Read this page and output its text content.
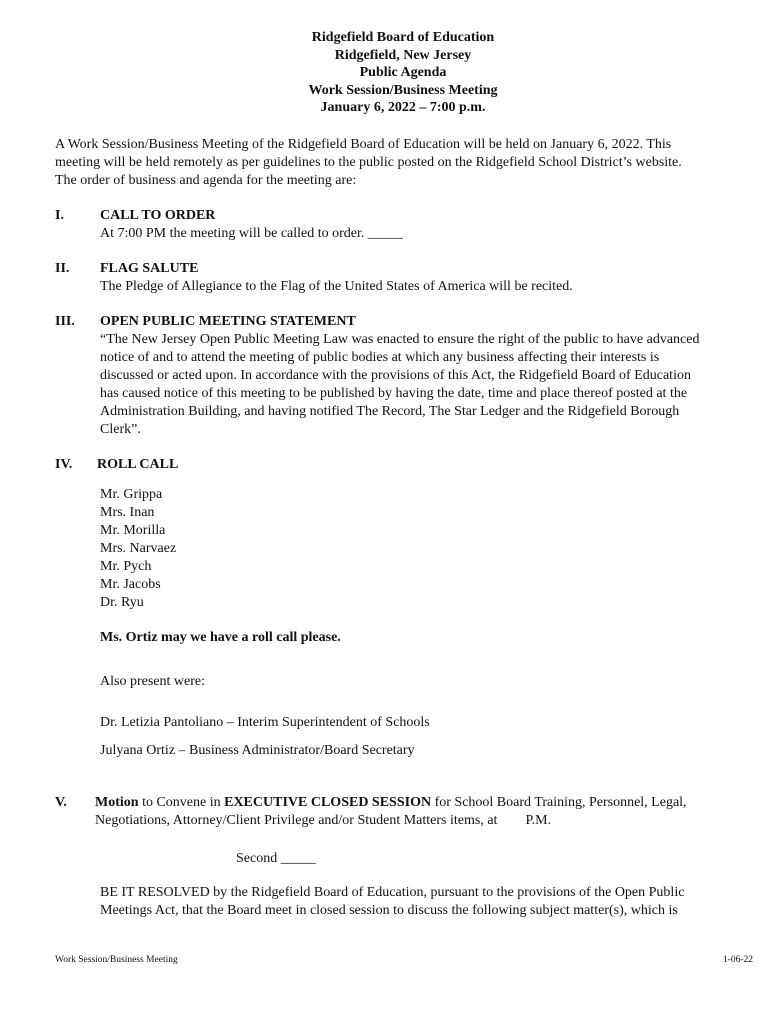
Ridgefield Board of Education
Ridgefield, New Jersey
Public Agenda
Work Session/Business Meeting
January 6, 2022 – 7:00 p.m.
A Work Session/Business Meeting of the Ridgefield Board of Education will be held on January 6, 2022. This
meeting will be held remotely as per guidelines to the public posted on the Ridgefield School District’s website.
The order of business and agenda for the meeting are:
I.	CALL TO ORDER
At 7:00 PM the meeting will be called to order. _____
II. FLAG SALUTE
The Pledge of Allegiance to the Flag of the United States of America will be recited.
III. OPEN PUBLIC MEETING STATEMENT
“The New Jersey Open Public Meeting Law was enacted to ensure the right of the public to have advanced
notice of and to attend the meeting of public bodies at which any business affecting their interests is
discussed or acted upon. In accordance with the provisions of this Act, the Ridgefield Board of Education
has caused notice of this meeting to be published by having the date, time and place thereof posted at the
Administration Building, and having notified The Record, The Star Ledger and the Ridgefield Borough
Clerk”.
IV. ROLL CALL
Mr. Grippa
Mrs. Inan
Mr. Morilla
Mrs. Narvaez
Mr. Pych
Mr. Jacobs
Dr. Ryu
Ms. Ortiz may we have a roll call please.
Also present were:
Dr. Letizia Pantoliano – Interim Superintendent of Schools
Julyana Ortiz – Business Administrator/Board Secretary
V. Motion to Convene in EXECUTIVE CLOSED SESSION for School Board Training, Personnel, Legal,
Negotiations, Attorney/Client Privilege and/or Student Matters items, at        P.M.
Second _____
BE IT RESOLVED by the Ridgefield Board of Education, pursuant to the provisions of the Open Public
Meetings Act, that the Board meet in closed session to discuss the following subject matter(s), which is
Work Session/Business Meeting	1-06-22
